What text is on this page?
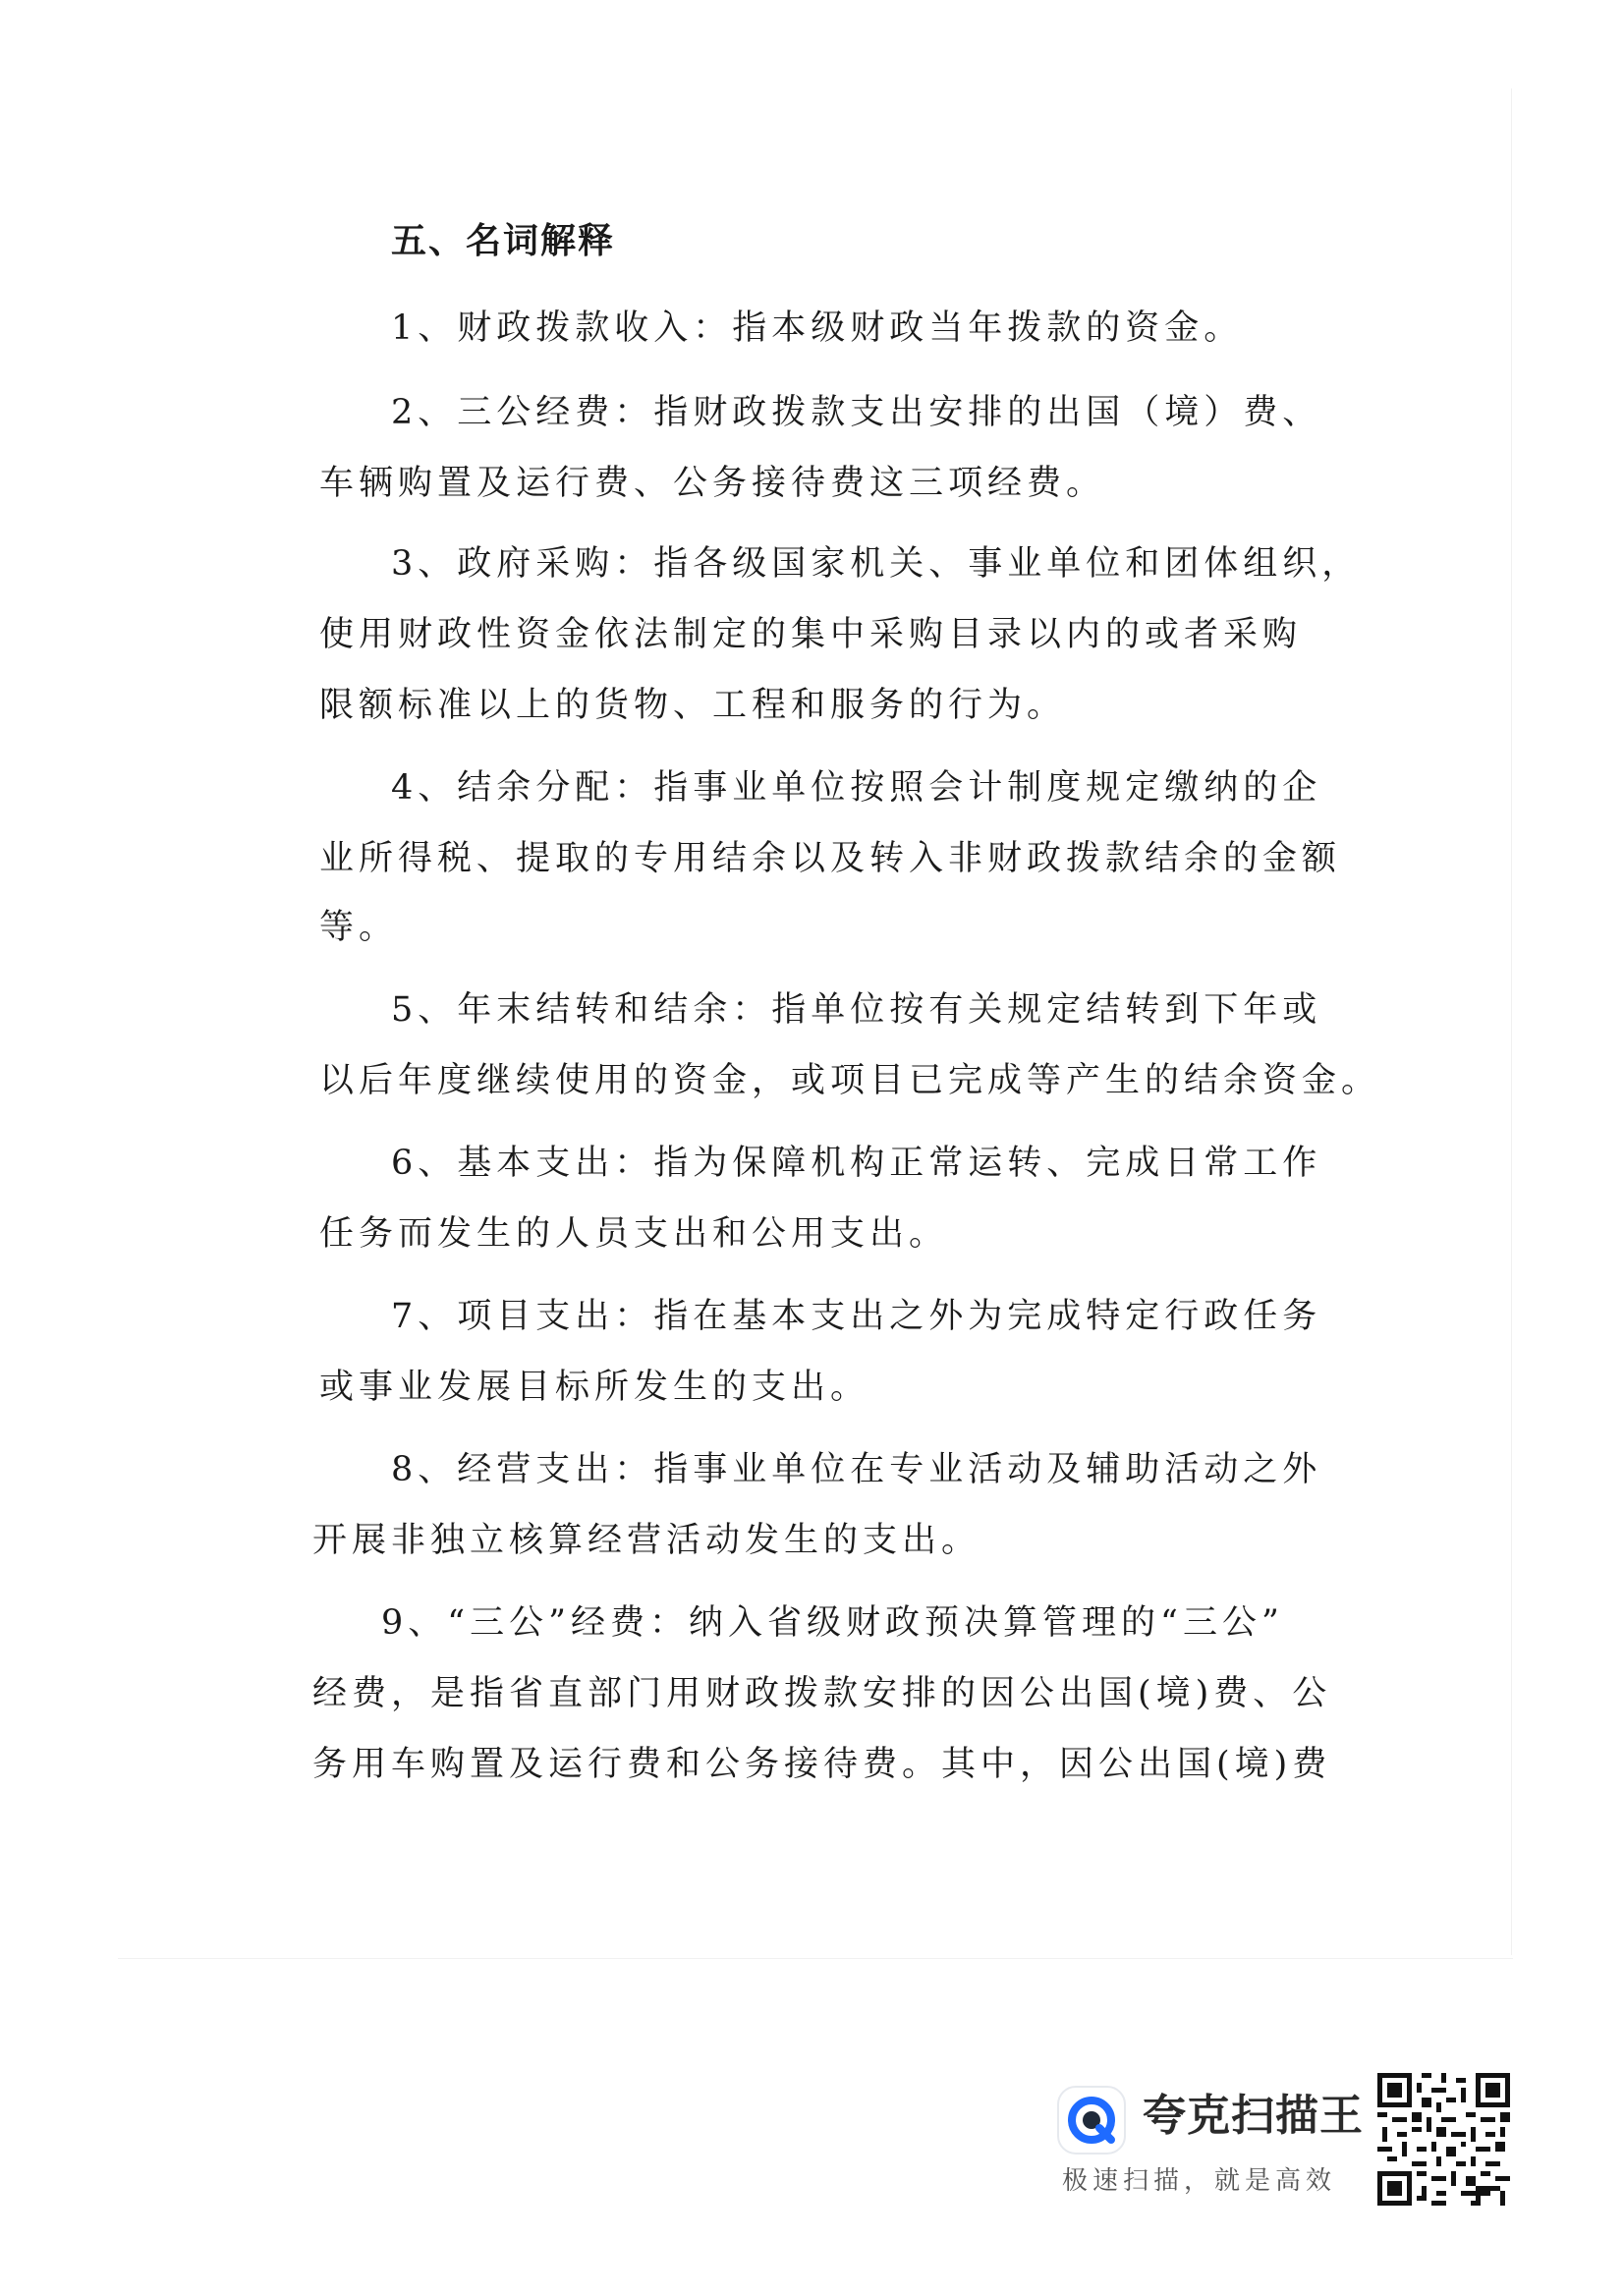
五、名词解释
1、财政拨款收入：指本级财政当年拨款的资金。
2、三公经费：指财政拨款支出安排的出国（境）费、
车辆购置及运行费、公务接待费这三项经费。
3、政府采购：指各级国家机关、事业单位和团体组织，
使用财政性资金依法制定的集中采购目录以内的或者采购
限额标准以上的货物、工程和服务的行为。
4、结余分配：指事业单位按照会计制度规定缴纳的企
业所得税、提取的专用结余以及转入非财政拨款结余的金额
等。
5、年末结转和结余：指单位按有关规定结转到下年或
以后年度继续使用的资金，或项目已完成等产生的结余资金。
6、基本支出：指为保障机构正常运转、完成日常工作
任务而发生的人员支出和公用支出。
7、项目支出：指在基本支出之外为完成特定行政任务
或事业发展目标所发生的支出。
8、经营支出：指事业单位在专业活动及辅助活动之外
开展非独立核算经营活动发生的支出。
9、“三公”经费：纳入省级财政预决算管理的“三公”
经费，是指省直部门用财政拨款安排的因公出国(境)费、公
务用车购置及运行费和公务接待费。其中，因公出国(境)费
夸克扫描王
极速扫描，就是高效
